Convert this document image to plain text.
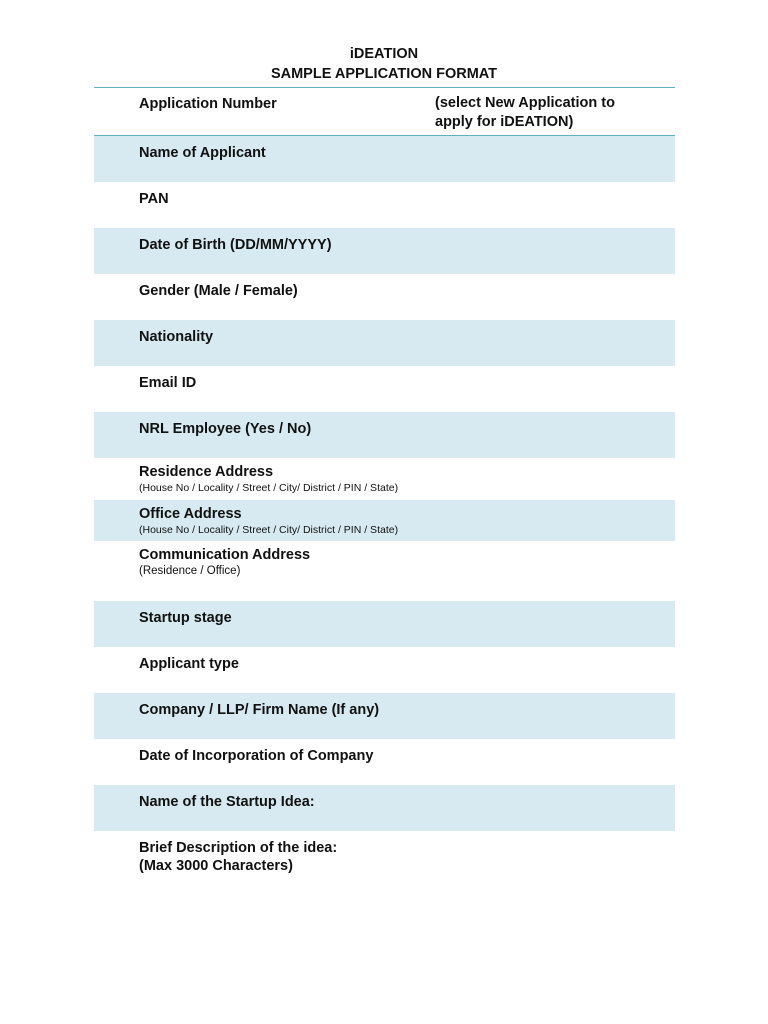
iDEATION
SAMPLE APPLICATION FORMAT
Application Number	(select New Application to
apply for iDEATION)
Name of Applicant
PAN
Date of Birth (DD/MM/YYYY)
Gender (Male / Female)
Nationality
Email ID
NRL Employee (Yes / No)
Residence Address
(House No / Locality / Street / City/ District / PIN / State)
Office Address
(House No / Locality / Street / City/ District / PIN / State)
Communication Address
(Residence / Office)
Startup stage
Applicant type
Company / LLP/ Firm Name (If any)
Date of Incorporation of Company
Name of the Startup Idea:
Brief Description of the idea:
(Max 3000 Characters)
